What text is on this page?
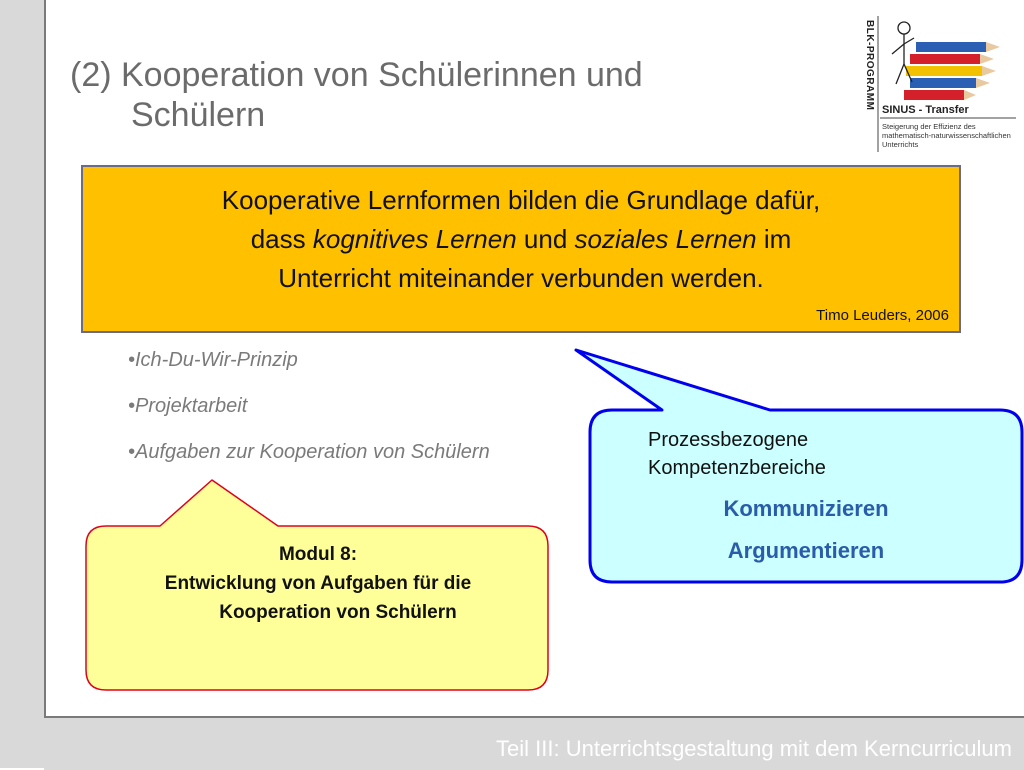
Teil III: Unterrichtsgestaltung mit dem Kerncurriculum
(2) Kooperation von Schülerinnen und
Schülern
BLK-PROGRAMM SINUS - Transfer
Steigerung der Effizienz des mathematisch-naturwissenschaftlichen Unterrichts
Kooperative Lernformen bilden die Grundlage dafür,
dass kognitives Lernen und soziales Lernen im
Unterricht miteinander verbunden werden.
Timo Leuders, 2006
•Ich-Du-Wir-Prinzip
•Projektarbeit
•Aufgaben zur Kooperation von Schülern
Prozessbezogene
Kompetenzbereiche
Kommunizieren
Argumentieren
Modul 8:
Entwicklung von Aufgaben für die
Kooperation von Schülern
